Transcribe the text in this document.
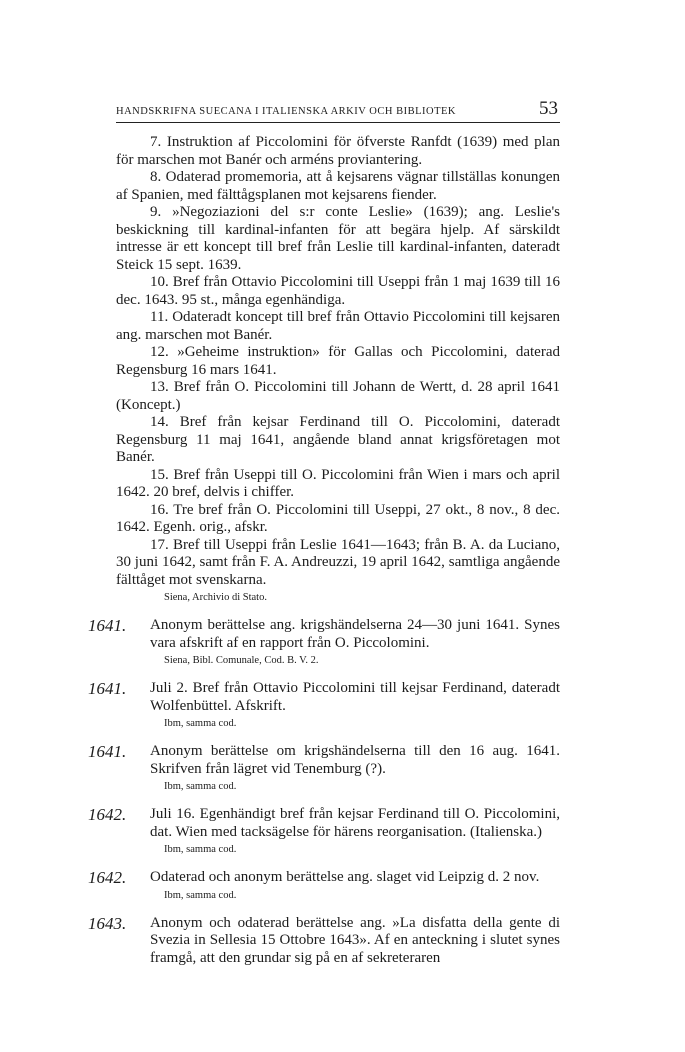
HANDSKRIFNA SUECANA I ITALIENSKA ARKIV OCH BIBLIOTEK	53

7. Instruktion af Piccolomini för öfverste Ranfdt (1639) med plan för marschen mot Banér och arméns proviantering.

8. Odaterad promemoria, att å kejsarens vägnar tillställas konungen af Spanien, med fälttågsplanen mot kejsarens fiender.

9. »Negoziazioni del s:r conte Leslie» (1639); ang. Leslie's beskickning till kardinal-infanten för att begära hjelp. Af särskildt intresse är ett koncept till bref från Leslie till kardinal-infanten, dateradt Steick 15 sept. 1639.

10. Bref från Ottavio Piccolomini till Useppi från 1 maj 1639 till 16 dec. 1643. 95 st., många egenhändiga.

11. Odateradt koncept till bref från Ottavio Piccolomini till kejsaren ang. marschen mot Banér.

12. »Geheime instruktion» för Gallas och Piccolomini, daterad Regensburg 16 mars 1641.

13. Bref från O. Piccolomini till Johann de Wertt, d. 28 april 1641 (Koncept.)

14. Bref från kejsar Ferdinand till O. Piccolomini, dateradt Regensburg 11 maj 1641, angående bland annat krigsföretagen mot Banér.

15. Bref från Useppi till O. Piccolomini från Wien i mars och april 1642. 20 bref, delvis i chiffer.

16. Tre bref från O. Piccolomini till Useppi, 27 okt., 8 nov., 8 dec. 1642. Egenh. orig., afskr.

17. Bref till Useppi från Leslie 1641—1643; från B. A. da Luciano, 30 juni 1642, samt från F. A. Andreuzzi, 19 april 1642, samtliga angående fälttåget mot svenskarna.

Siena, Archivio di Stato.
1641. Anonym berättelse ang. krigshändelserna 24—30 juni 1641. Synes vara afskrift af en rapport från O. Piccolomini.

Siena, Bibl. Comunale, Cod. B. V. 2.
1641. Juli 2. Bref från Ottavio Piccolomini till kejsar Ferdinand, dateradt Wolfenbüttel. Afskrift.

Ibm, samma cod.
1641. Anonym berättelse om krigshändelserna till den 16 aug. 1641. Skrifven från lägret vid Tenemburg (?).

Ibm, samma cod.
1642. Juli 16. Egenhändigt bref från kejsar Ferdinand till O. Piccolomini, dat. Wien med tacksägelse för härens reorganisation. (Italienska.)

Ibm, samma cod.
1642. Odaterad och anonym berättelse ang. slaget vid Leipzig d. 2 nov.

Ibm, samma cod.
1643. Anonym och odaterad berättelse ang. »La disfatta della gente di Svezia in Sellesia 15 Ottobre 1643». Af en anteckning i slutet synes framgå, att den grundar sig på en af sekreteraren
